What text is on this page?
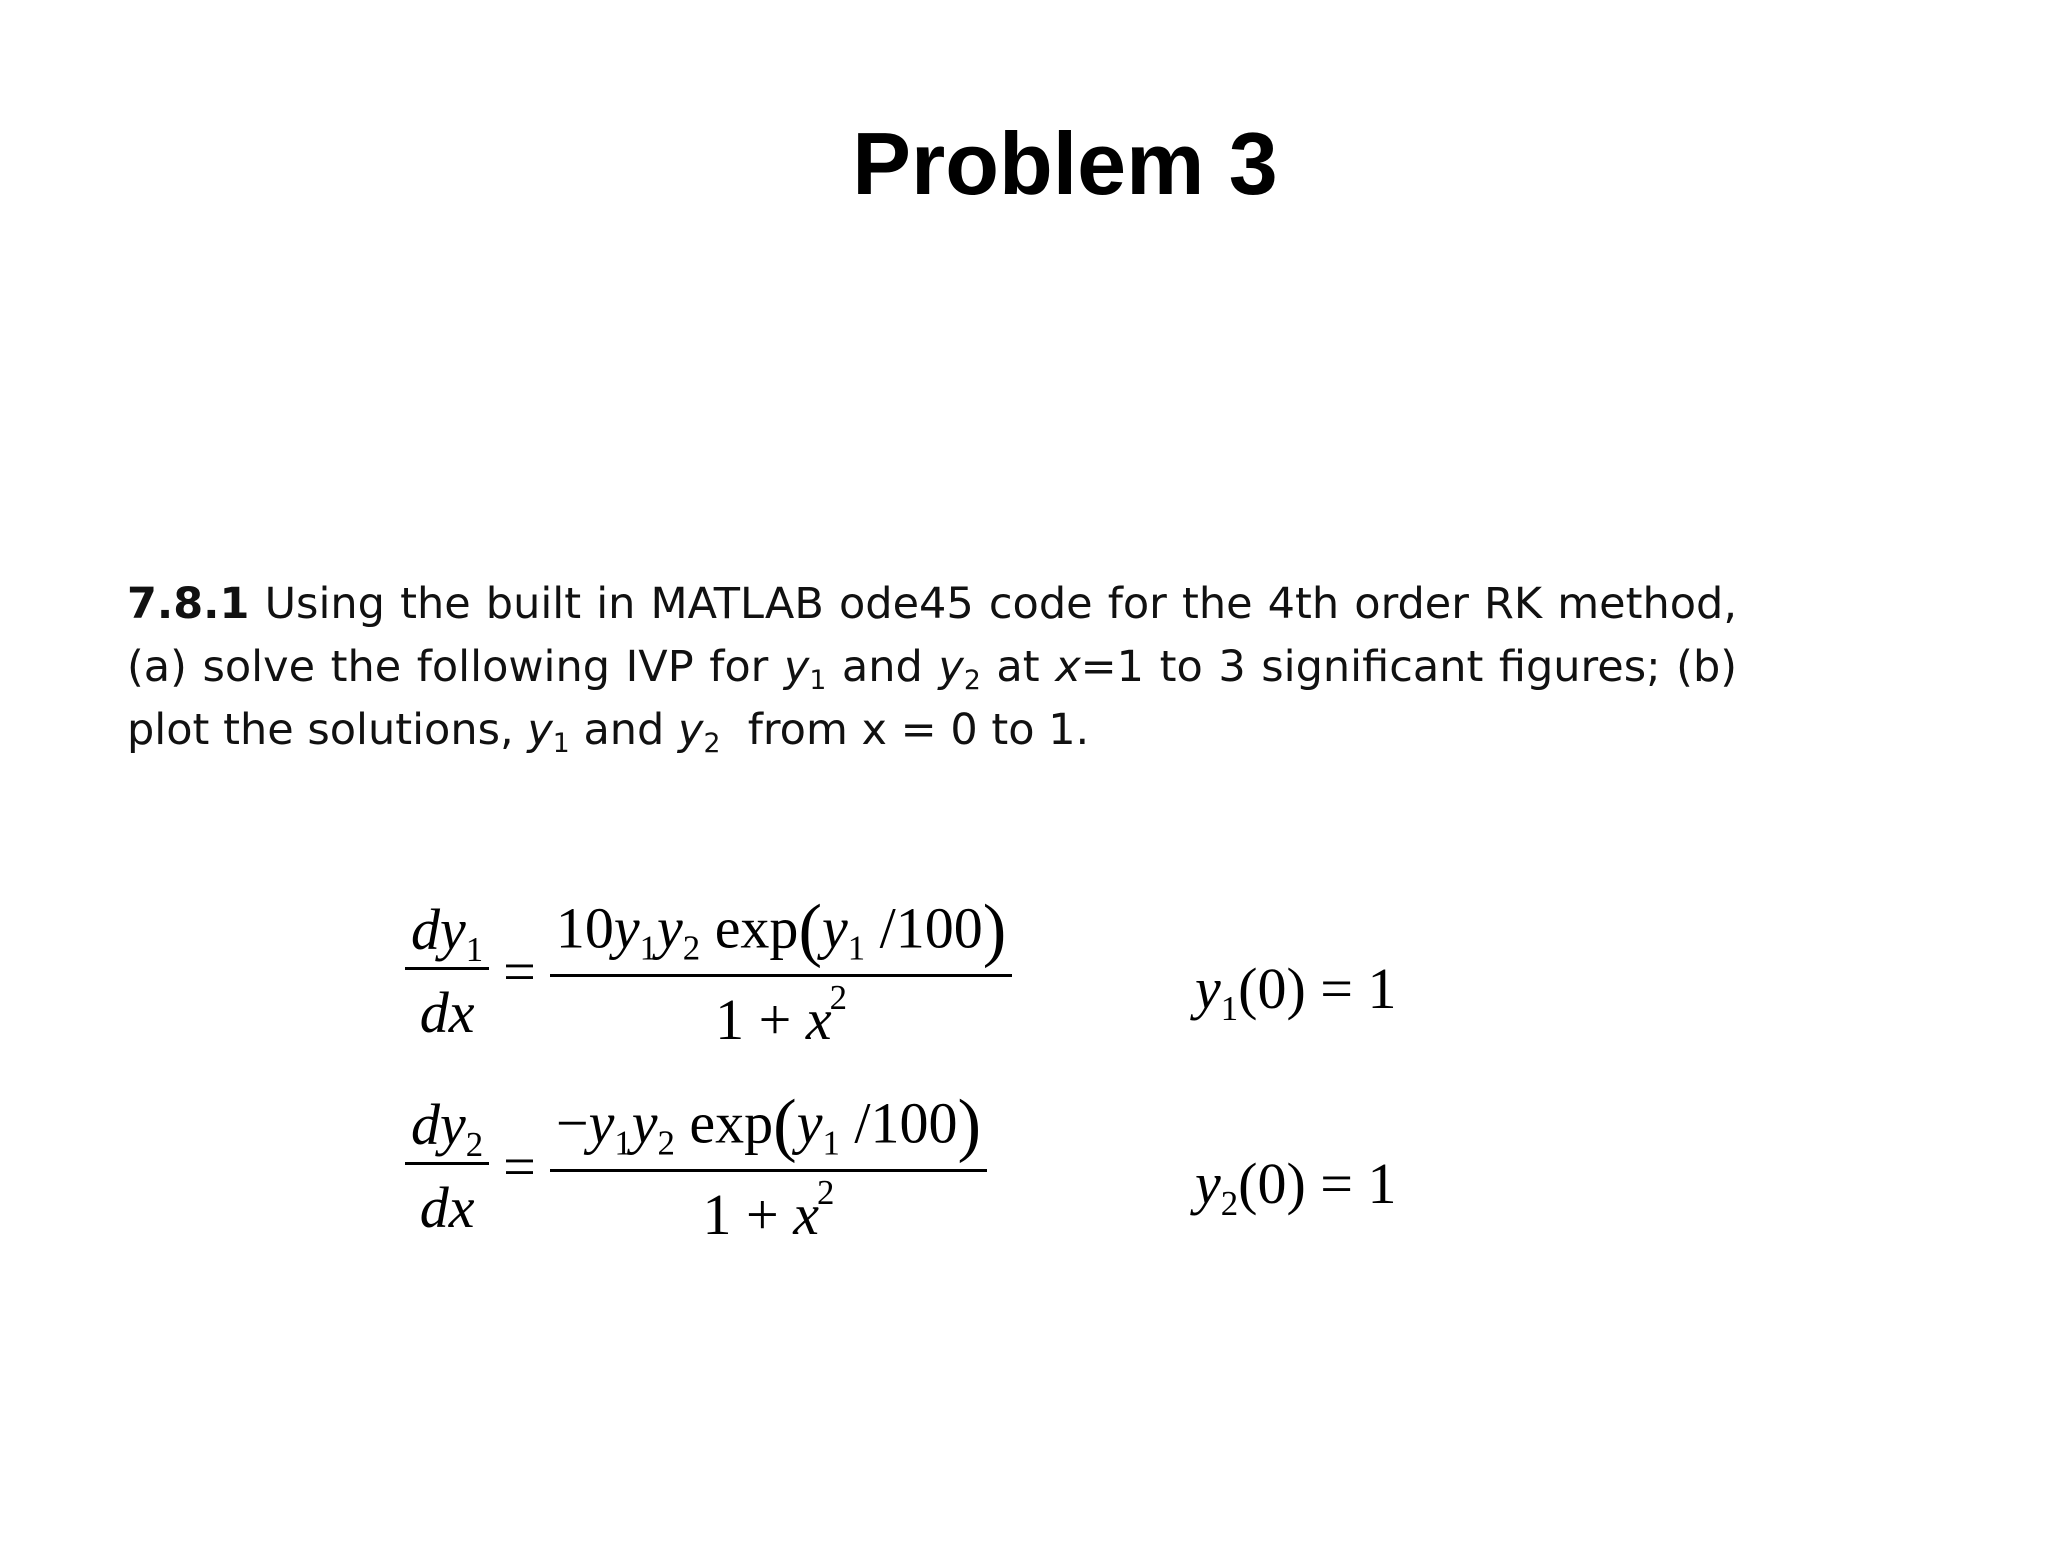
Problem 3
7.8.1 Using the built in MATLAB ode45 code for the 4th order RK method,
(a) solve the following IVP for $y_1$ and $y_2$ at x=1 to 3 significant figures; (b)
plot the solutions, $y_1$ and $y_2$ from x = 0 to 1.
$\frac{dy_1}{dx} = \frac{10y_1y_2 \exp(y_1 /100)}{1 + x^2}$	$y_1(0) = 1$
$\frac{dy_2}{dx} = \frac{-y_1y_2 \exp(y_1 /100)}{1 + x^2}$	$y_2(0) = 1$
